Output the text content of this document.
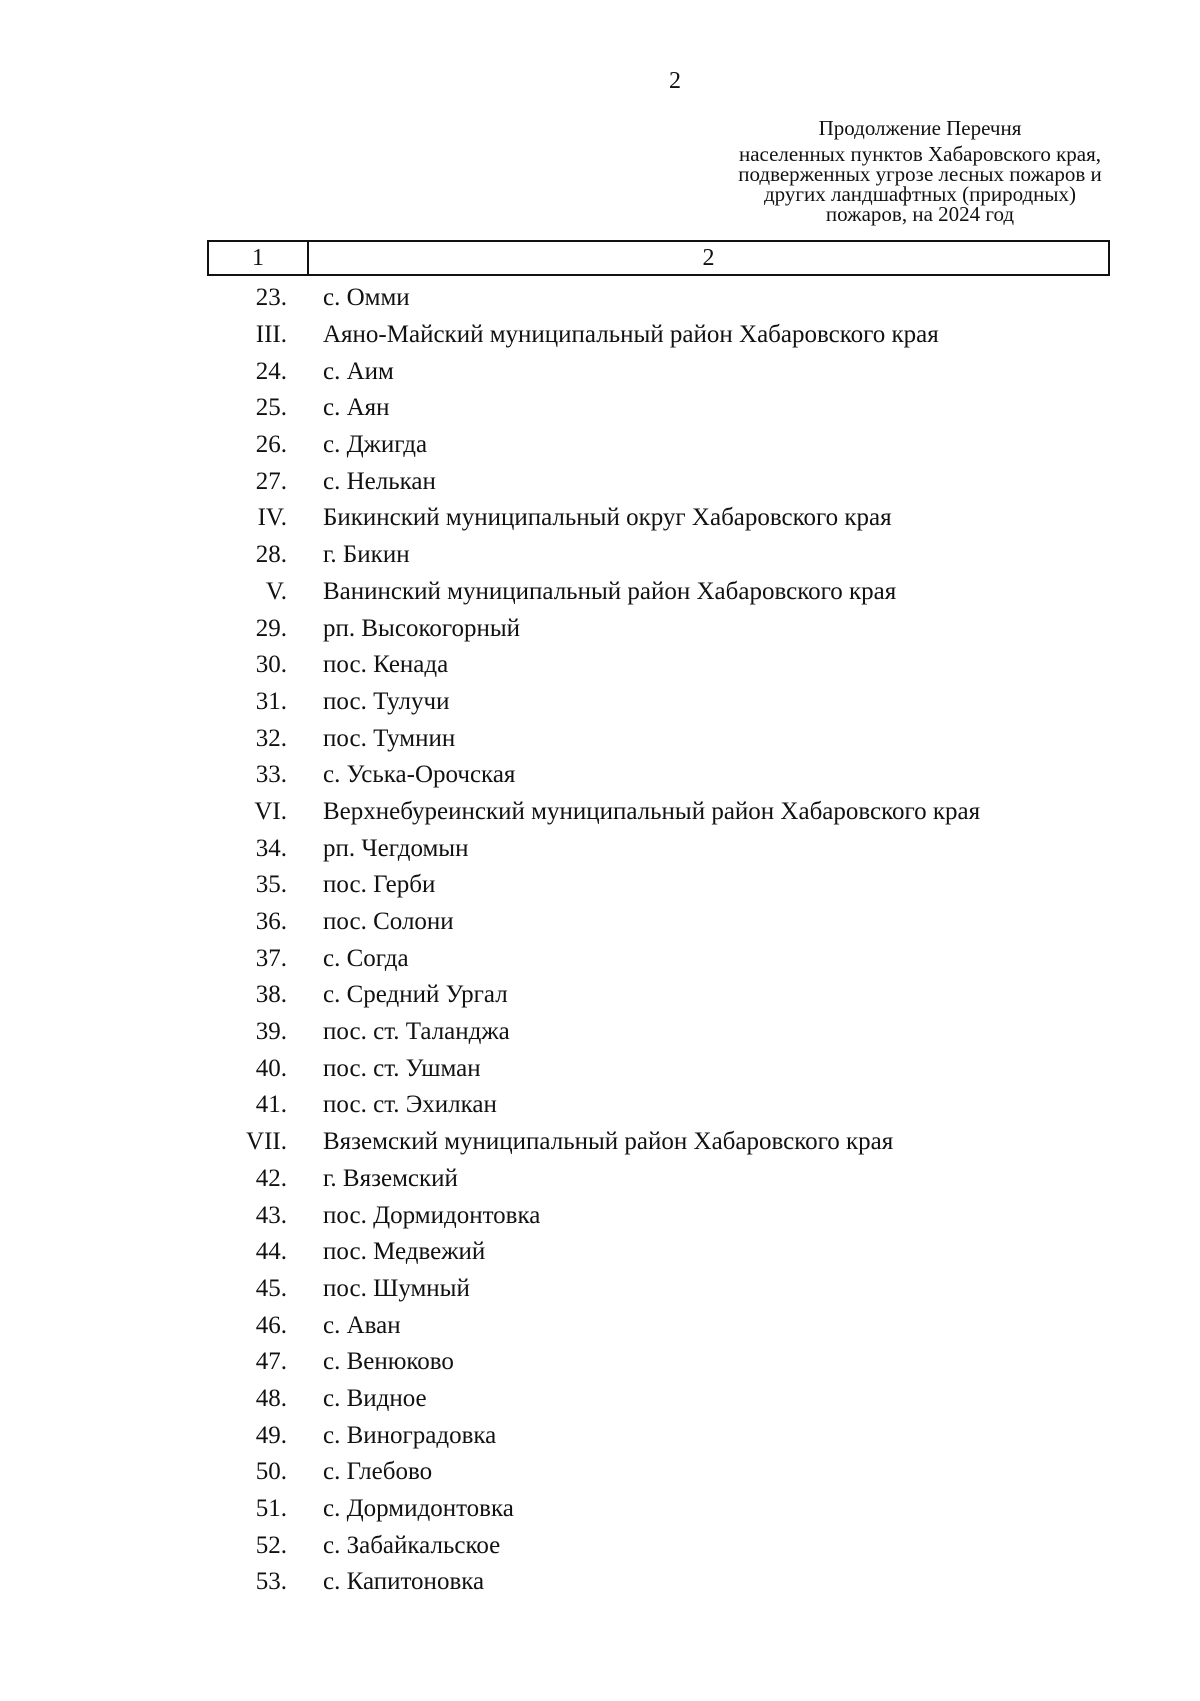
2
Продолжение Перечня
населенных пунктов Хабаровского края,
подверженных угрозе лесных пожаров и
других ландшафтных (природных)
пожаров, на 2024 год
1	2
23.	с. Омми
III.	Аяно-Майский муниципальный район Хабаровского края
24.	с. Аим
25.	с. Аян
26.	с. Джигда
27.	с. Нелькан
IV.	Бикинский муниципальный округ Хабаровского края
28.	г. Бикин
V.	Ванинский муниципальный район Хабаровского края
29.	рп. Высокогорный
30.	пос. Кенада
31.	пос. Тулучи
32.	пос. Тумнин
33.	с. Уська-Орочская
VI.	Верхнебуреинский муниципальный район Хабаровского края
34.	рп. Чегдомын
35.	пос. Герби
36.	пос. Солони
37.	с. Согда
38.	с. Средний Ургал
39.	пос. ст. Таланджа
40.	пос. ст. Ушман
41.	пос. ст. Эхилкан
VII.	Вяземский муниципальный район Хабаровского края
42.	г. Вяземский
43.	пос. Дормидонтовка
44.	пос. Медвежий
45.	пос. Шумный
46.	с. Аван
47.	с. Венюково
48.	с. Видное
49.	с. Виноградовка
50.	с. Глебово
51.	с. Дормидонтовка
52.	с. Забайкальское
53.	с. Капитоновка
